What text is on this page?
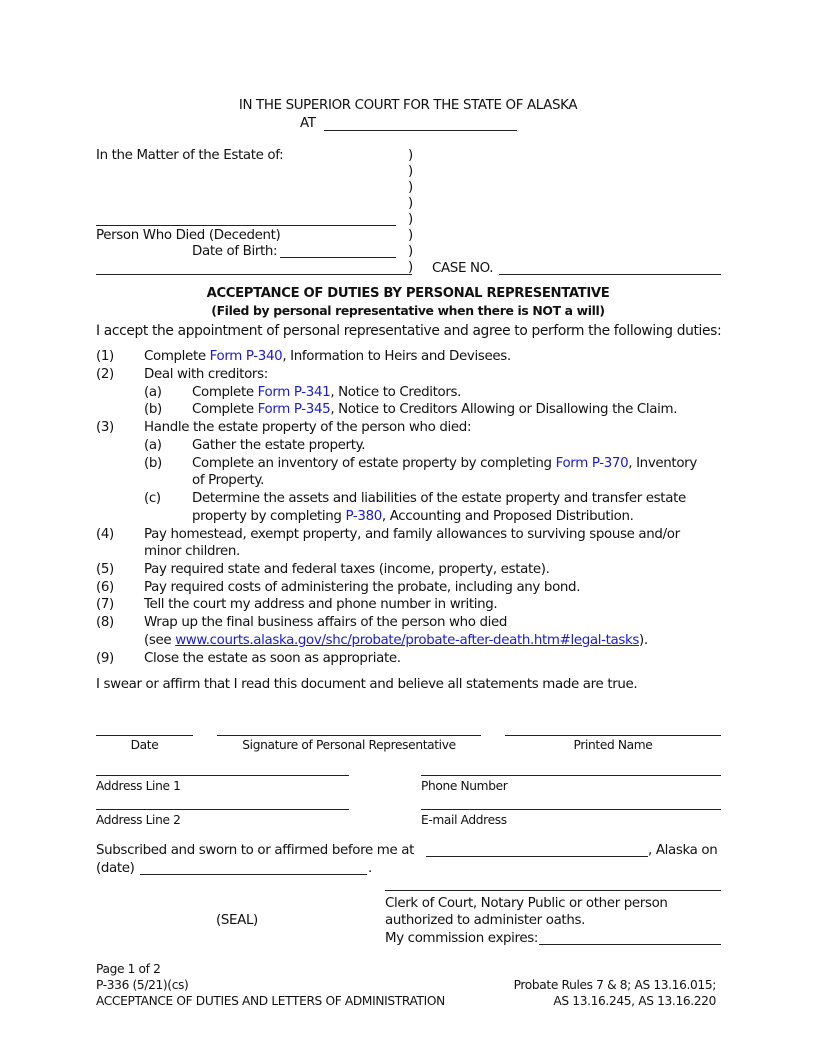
IN THE SUPERIOR COURT FOR THE STATE OF ALASKA
AT
In the Matter of the Estate of:	)
)
)
)
)
)
)
)
Person Who Died (Decedent)
Date of Birth:
CASE NO.
ACCEPTANCE OF DUTIES BY PERSONAL REPRESENTATIVE
(Filed by personal representative when there is NOT a will)
I accept the appointment of personal representative and agree to perform the following duties:
(1) Complete Form P-340, Information to Heirs and Devisees.
(2) Deal with creditors:
(a) Complete Form P-341, Notice to Creditors.
(b) Complete Form P-345, Notice to Creditors Allowing or Disallowing the Claim.
(3) Handle the estate property of the person who died:
(a) Gather the estate property.
(b) Complete an inventory of estate property by completing Form P-370, Inventory
of Property.
(c) Determine the assets and liabilities of the estate property and transfer estate
property by completing P-380, Accounting and Proposed Distribution.
(4) Pay homestead, exempt property, and family allowances to surviving spouse and/or
minor children.
(5) Pay required state and federal taxes (income, property, estate).
(6) Pay required costs of administering the probate, including any bond.
(7) Tell the court my address and phone number in writing.
(8) Wrap up the final business affairs of the person who died
(see www.courts.alaska.gov/shc/probate/probate-after-death.htm#legal-tasks).
(9) Close the estate as soon as appropriate.
I swear or affirm that I read this document and believe all statements made are true.
Date	Signature of Personal Representative	Printed Name
Address Line 1	Phone Number
Address Line 2	E-mail Address
Subscribed and sworn to or affirmed before me at	, Alaska on
(date)	.
Clerk of Court, Notary Public or other person
authorized to administer oaths.
(SEAL)
My commission expires:
Page 1 of 2
P-336 (5/21)(cs)
ACCEPTANCE OF DUTIES AND LETTERS OF ADMINISTRATION
Probate Rules 7 & 8; AS 13.16.015;
AS 13.16.245, AS 13.16.220
